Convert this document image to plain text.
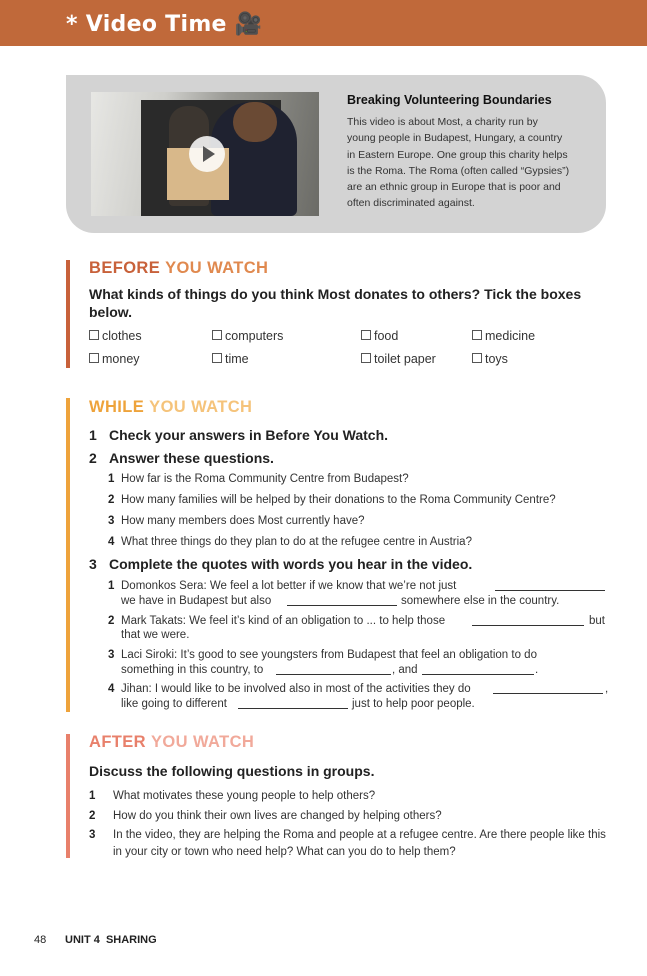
* Video Time 🎥
Breaking Volunteering Boundaries
This video is about Most, a charity run by
young people in Budapest, Hungary, a country
in Eastern Europe. One group this charity helps
is the Roma. The Roma (often called “Gypsies”)
are an ethnic group in Europe that is poor and
often discriminated against.
BEFORE YOU WATCH
What kinds of things do you think Most donates to others? Tick the boxes
below.
clothes	computers	food	medicine
money	time	toilet paper	toys
WHILE YOU WATCH
1 Check your answers in Before You Watch.
2 Answer these questions.
1 How far is the Roma Community Centre from Budapest?
2 How many families will be helped by their donations to the Roma Community Centre?
3 How many members does Most currently have?
4 What three things do they plan to do at the refugee centre in Austria?
3 Complete the quotes with words you hear in the video.
1 Domonkos Sera: We feel a lot better if we know that we’re not just
we have in Budapest but also	somewhere else in the country.
2 Mark Takats: We feel it’s kind of an obligation to ... to help those	but
that we were.
3 Laci Siroki: It’s good to see youngsters from Budapest that feel an obligation to do
something in this country, to	, and	.
4 Jihan: I would like to be involved also in most of the activities they do	,
like going to different	just to help poor people.
AFTER YOU WATCH
Discuss the following questions in groups.
1 What motivates these young people to help others?
2 How do you think their own lives are changed by helping others?
3 In the video, they are helping the Roma and people at a refugee centre. Are there people like this
in your city or town who need help? What can you do to help them?
48 UNIT 4  SHARING
